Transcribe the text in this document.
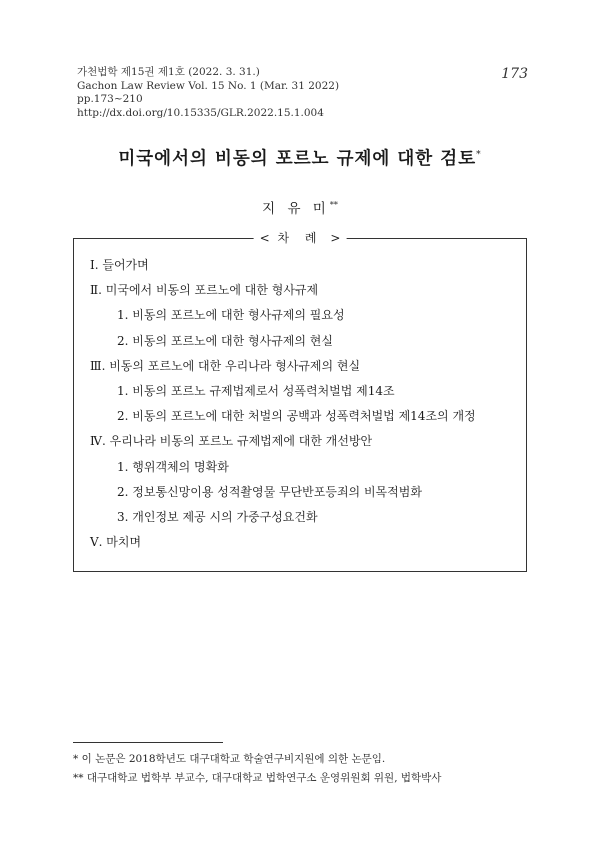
가천법학 제15권 제1호 (2022. 3. 31.)
Gachon Law Review Vol. 15 No. 1 (Mar. 31 2022)
pp.173~210
http://dx.doi.org/10.15335/GLR.2022.15.1.004
173
미국에서의 비동의 포르노 규제에 대한 검토*
지 유 미**
< 차 례 >
Ⅰ. 들어가며
Ⅱ. 미국에서 비동의 포르노에 대한 형사규제
1. 비동의 포르노에 대한 형사규제의 필요성
2. 비동의 포르노에 대한 형사규제의 현실
Ⅲ. 비동의 포르노에 대한 우리나라 형사규제의 현실
1. 비동의 포르노 규제법제로서 성폭력처벌법 제14조
2. 비동의 포르노에 대한 처벌의 공백과 성폭력처벌법 제14조의 개정
Ⅳ. 우리나라 비동의 포르노 규제법제에 대한 개선방안
1. 행위객체의 명확화
2. 정보통신망이용 성적촬영물 무단반포등죄의 비목적범화
3. 개인정보 제공 시의 가중구성요건화
Ⅴ. 마치며
* 이 논문은 2018학년도 대구대학교 학술연구비지원에 의한 논문임.
** 대구대학교 법학부 부교수, 대구대학교 법학연구소 운영위원회 위원, 법학박사
